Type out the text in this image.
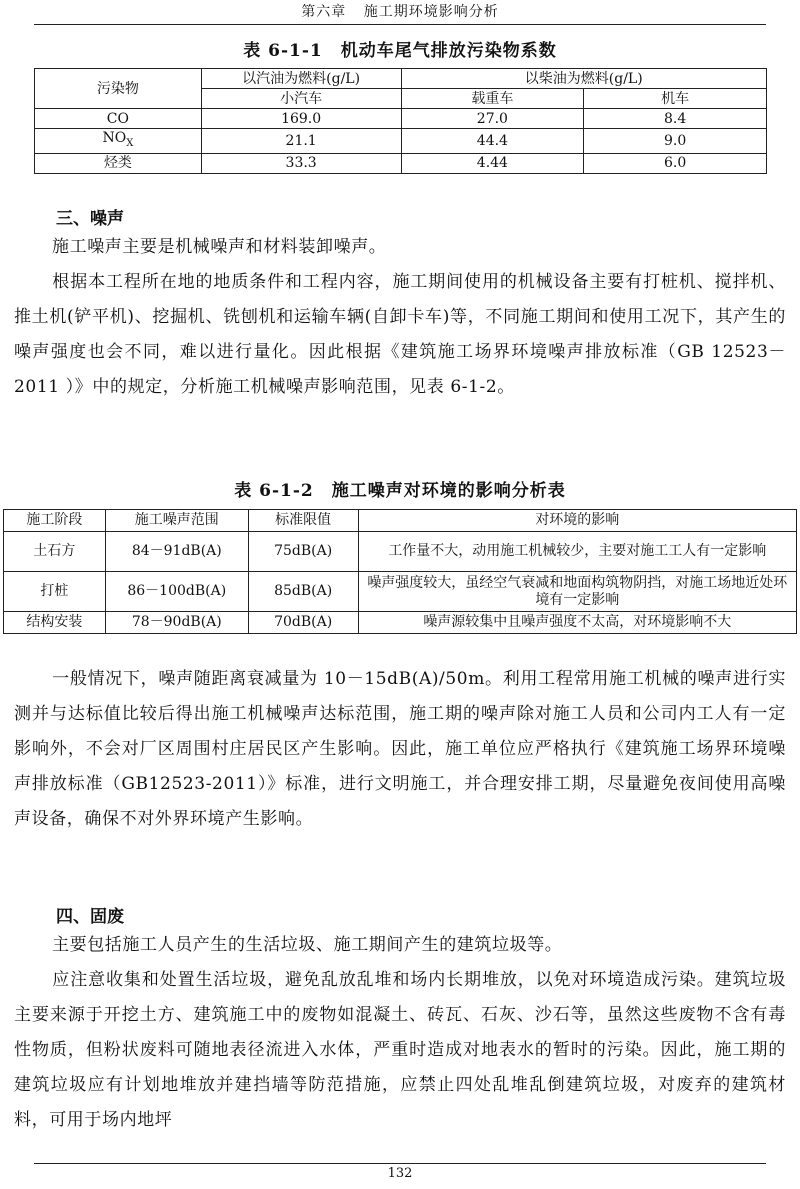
第六章 施工期环境影响分析
表 6-1-1　机动车尾气排放污染物系数
污染物	以汽油为燃料(g/L)	以柴油为燃料(g/L)	
	小汽车	载重车	机车
CO	169.0	27.0	8.4
$NO_X$	21.1	44.4	9.0
烃类	33.3	4.44	6.0
三、噪声

施工噪声主要是机械噪声和材料装卸噪声。

根据本工程所在地的地质条件和工程内容，施工期间使用的机械设备主要有打桩机、搅拌机、推土机(铲平机)、挖掘机、铣刨机和运输车辆(自卸卡车)等，不同施工期间和使用工况下，其产生的噪声强度也会不同，难以进行量化。因此根据《建筑施工场界环境噪声排放标准（GB 12523－2011 ）》中的规定，分析施工机械噪声影响范围，见表 6-1-2。

表 6-1-2　施工噪声对环境的影响分析表
施工阶段	施工噪声范围	标准限值	对环境的影响
土石方	84－91dB(A)	75dB(A)	工作量不大，动用施工机械较少，主要对施工工人有一定影响
打桩	86－100dB(A)	85dB(A)	噪声强度较大，虽经空气衰减和地面构筑物阴挡，对施工场地近处环境有一定影响
结构安装	78－90dB(A)	70dB(A)	噪声源较集中且噪声强度不太高，对环境影响不大

一般情况下，噪声随距离衰减量为 10－15dB(A)/50m。利用工程常用施工机械的噪声进行实测并与达标值比较后得出施工机械噪声达标范围，施工期的噪声除对施工人员和公司内工人有一定影响外，不会对厂区周围村庄居民区产生影响。因此，施工单位应严格执行《建筑施工场界环境噪声排放标准（GB12523-2011）》标准，进行文明施工，并合理安排工期，尽量避免夜间使用高噪声设备，确保不对外界环境产生影响。

四、固废

主要包括施工人员产生的生活垃圾、施工期间产生的建筑垃圾等。

应注意收集和处置生活垃圾，避免乱放乱堆和场内长期堆放，以免对环境造成污染。建筑垃圾主要来源于开挖土方、建筑施工中的废物如混凝土、砖瓦、石灰、沙石等，虽然这些废物不含有毒性物质，但粉状废料可随地表径流进入水体，严重时造成对地表水的暂时的污染。因此，施工期的建筑垃圾应有计划地堆放并建挡墙等防范措施，应禁止四处乱堆乱倒建筑垃圾，对废弃的建筑材料，可用于场内地坪

132
